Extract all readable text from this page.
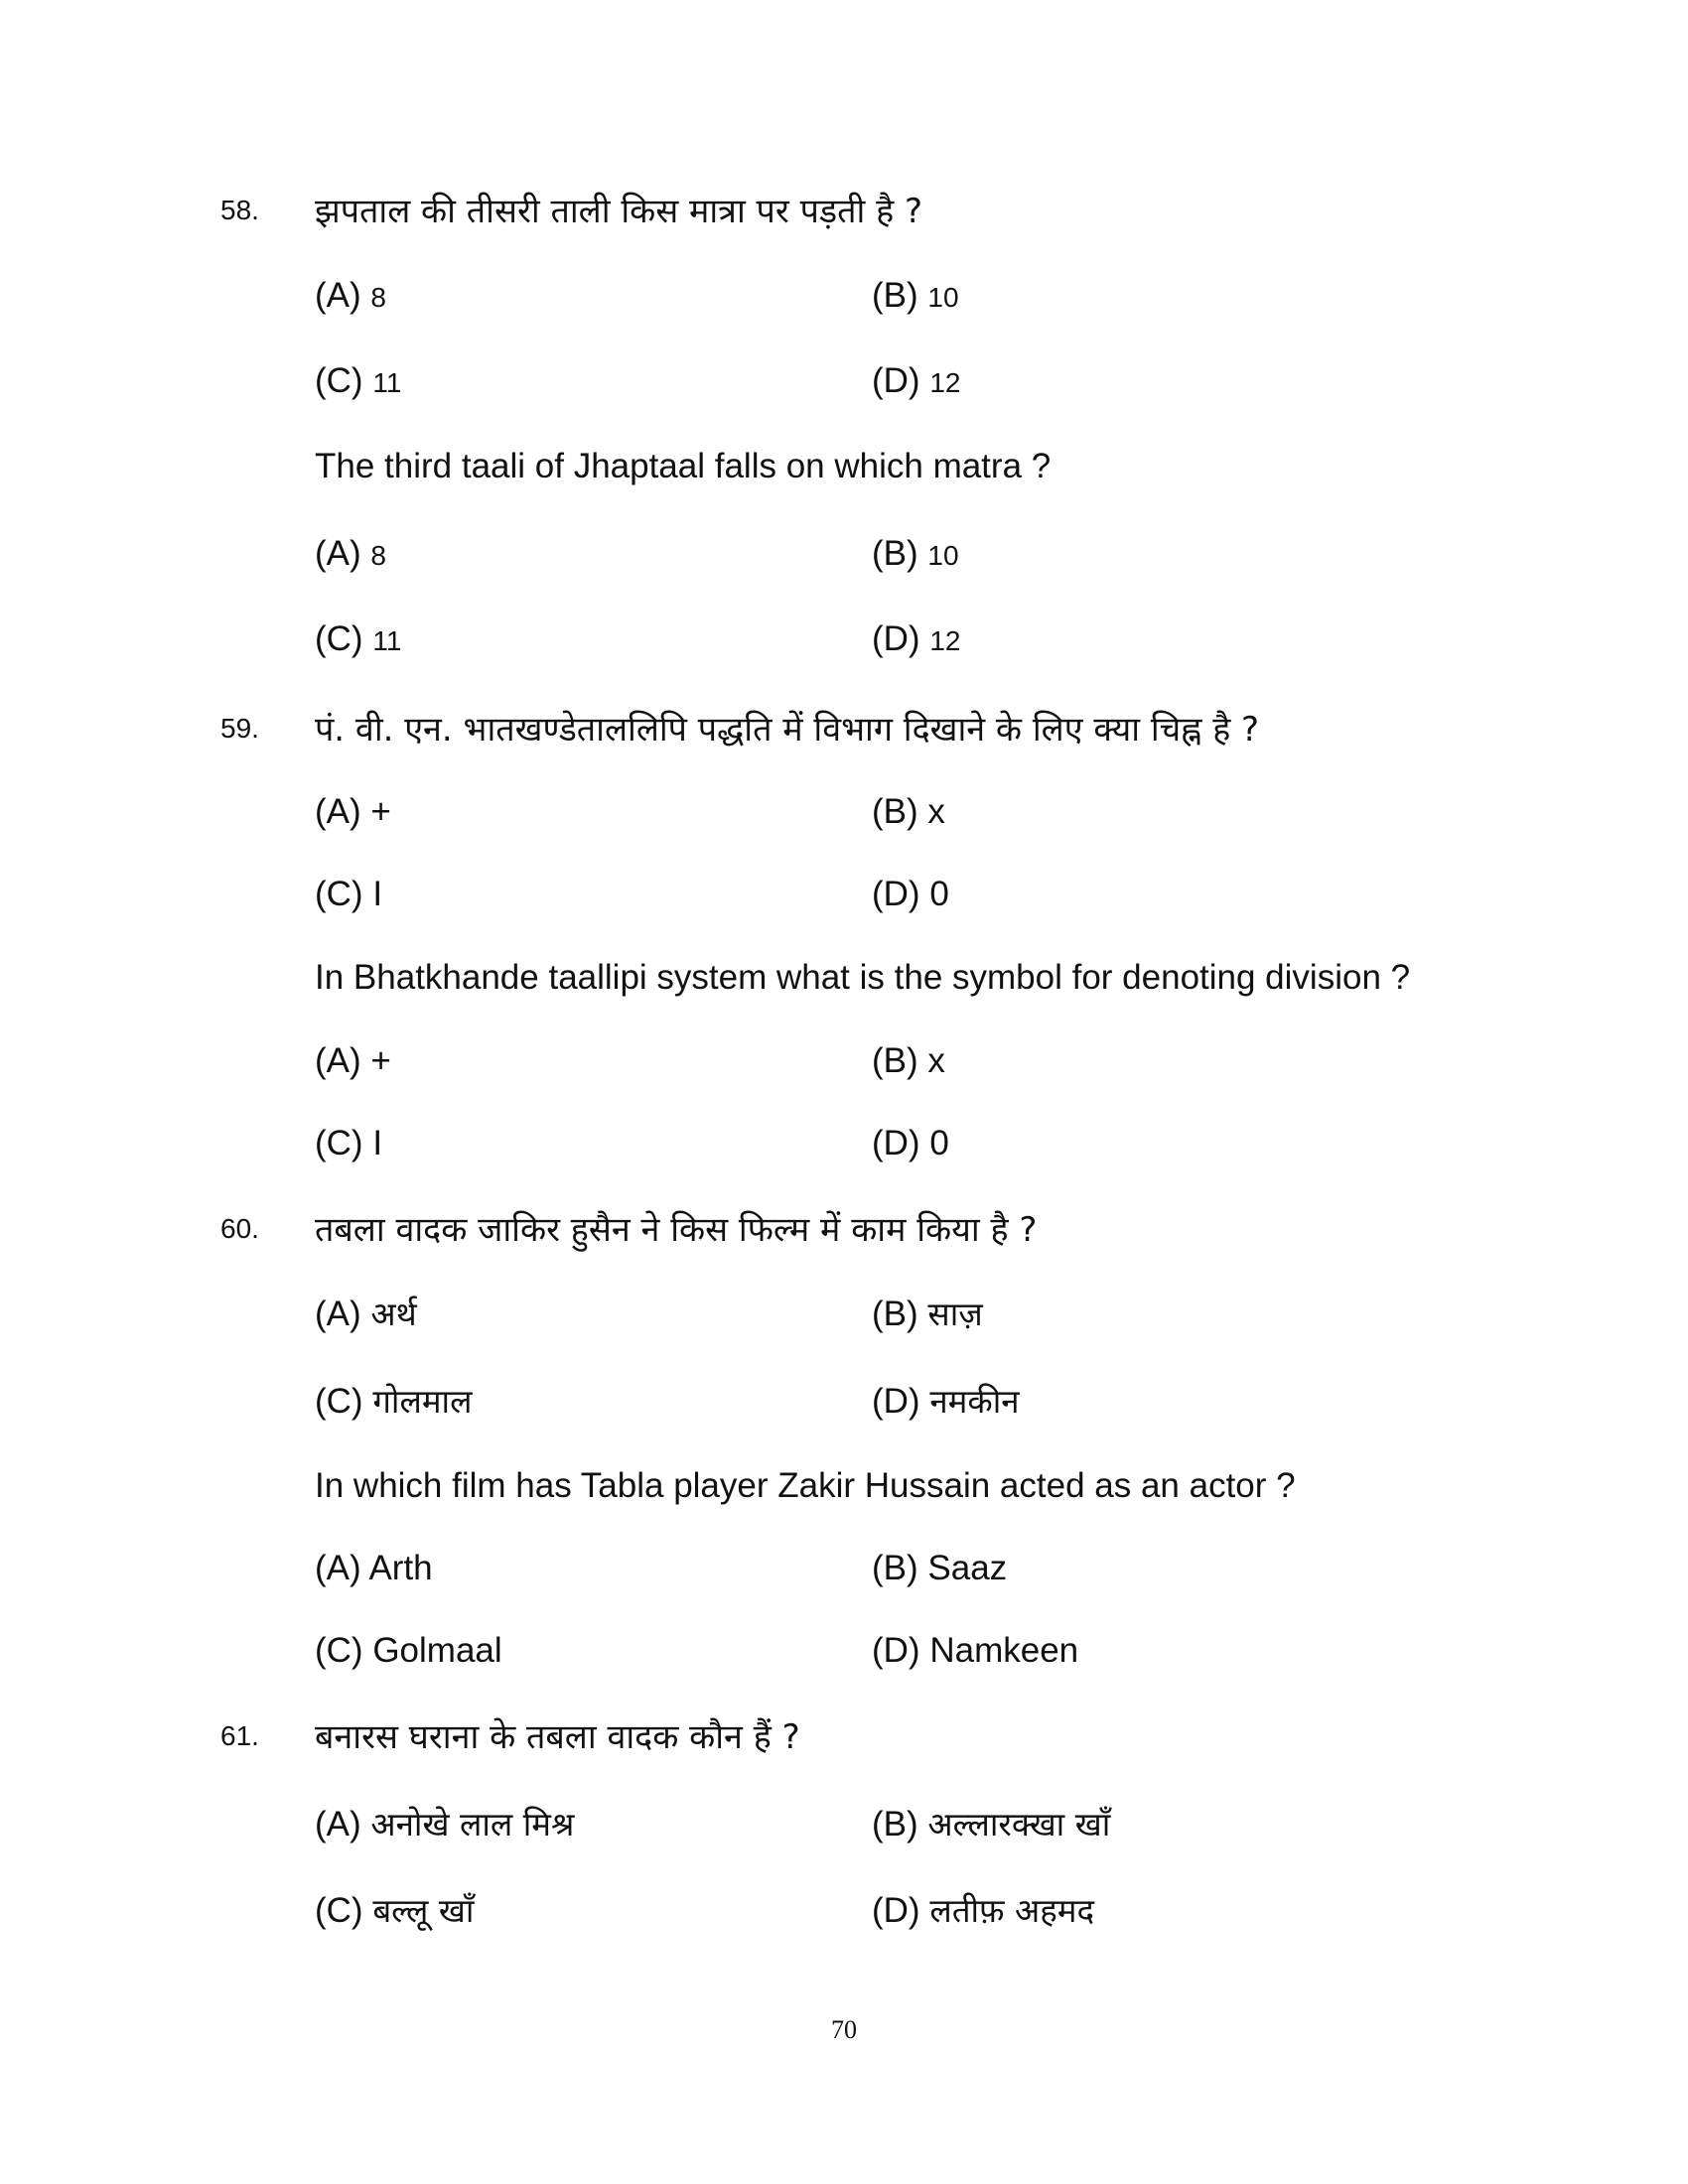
58. झपताल की तीसरी ताली किस मात्रा पर पड़ती है ?
(A) 8	(B) 10
(C) 11	(D) 12
The third taali of Jhaptaal falls on which matra ?
(A) 8	(B) 10
(C) 11	(D) 12
59. पं. वी. एन. भातखण्डेताललिपि पद्धति में विभाग दिखाने के लिए क्या चिह्न है ?
(A) +	(B) x
(C) I	(D) 0
In Bhatkhande taallipi system what is the symbol for denoting division ?
(A) +	(B) x
(C) I	(D) 0
60. तबला वादक जाकिर हुसैन ने किस फिल्म में काम किया है ?
(A) अर्थ	(B) साज़
(C) गोलमाल	(D) नमकीन
In which film has Tabla player Zakir Hussain acted as an actor ?
(A) Arth	(B) Saaz
(C) Golmaal	(D) Namkeen
61. बनारस घराना के तबला वादक कौन हैं ?
(A) अनोखे लाल मिश्र	(B) अल्लारक्खा खाँ
(C) बल्लू खाँ	(D) लतीफ़ अहमद
70
